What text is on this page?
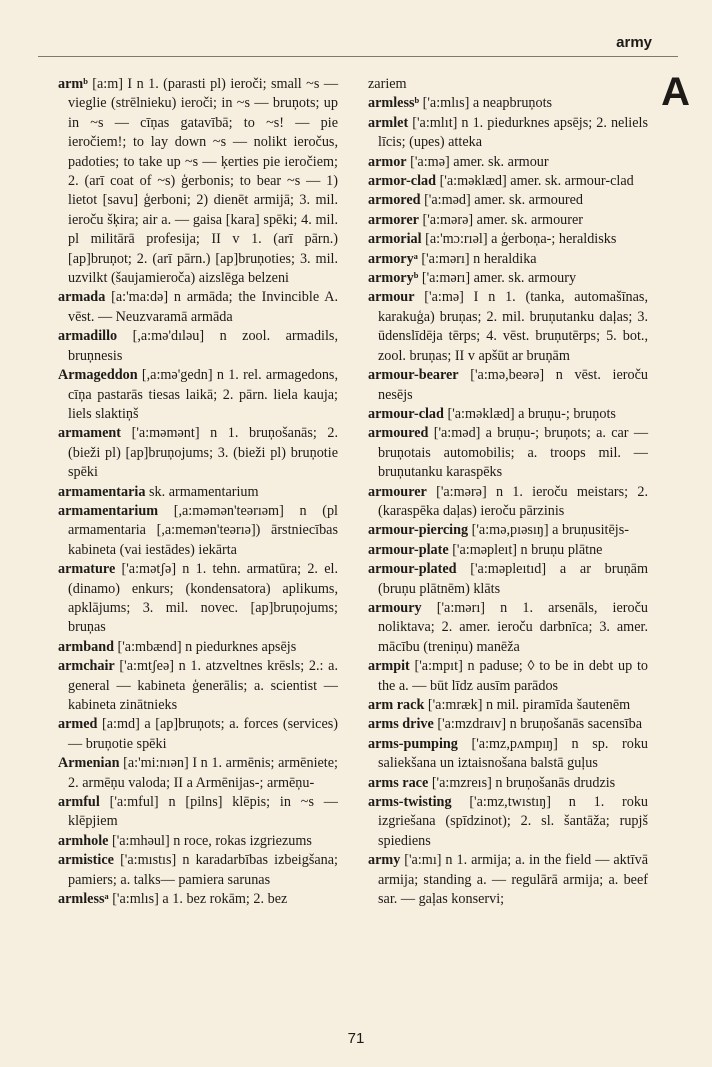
army
A

armᵇ [a:m] I n 1. (parasti pl) ieroči; small ~s — vieglie (strēlnieku) ieroči; in ~s — bruņots; up in ~s — cīņas gatavībā; to ~s! — pie ieročiem!; to lay down ~s — nolikt ieročus, padoties; to take up ~s — ķerties pie ieročiem; 2. (arī coat of ~s) ģerbonis; to bear ~s — 1) lietot [savu] ģerboni; 2) dienēt armijā; 3. mil. ieroču šķira; air a. — gaisa [kara] spēki; 4. mil. pl militārā profesija; II v 1. (arī pārn.) [ap]bruņot; 2. (arī pārn.) [ap]bruņoties; 3. mil. uzvilkt (šaujamieroča) aizslēga belzeni

armada [a:'ma:də] n armāda; the Invincible A. vēst. — Neuzvaramā armāda

armadillo [,a:mə'dıləu] n zool. armadils, bruņnesis

Armageddon [,a:mə'gedn] n 1. rel. armagedons, cīņa pastarās tiesas laikā; 2. pārn. liela kauja; liels slaktiņš

armament ['a:məmənt] n 1. bruņošanās; 2. (bieži pl) [ap]bruņojums; 3. (bieži pl) bruņotie spēki

armamentaria sk. armamentarium

armamentarium [,a:məmən'teərıəm] n (pl armamentaria [,a:memən'teərıə]) ārstniecības kabineta (vai iestādes) iekārta

armature ['a:mətʃə] n 1. tehn. armatūra; 2. el. (dinamo) enkurs; (kondensatora) aplikums, apklājums; 3. mil. novec. [ap]bruņojums; bruņas

armband ['a:mbænd] n piedurknes apsējs

armchair ['a:mtʃeə] n 1. atzveltnes krēsls; 2.: a. general — kabineta ģenerālis; a. scientist — kabineta zinātnieks

armed [a:md] a [ap]bruņots; a. forces (services) — bruņotie spēki

Armenian [a:'mi:nıən] I n 1. armēnis; armēniete; 2. armēņu valoda; II a Armēnijas-; armēņu-

armful ['a:mful] n [pilns] klēpis; in ~s — klēpjiem

armhole ['a:mhəul] n roce, rokas izgriezums

armistice ['a:mıstıs] n karadarbības izbeigšana; pamiers; a. talks— pamiera sarunas

armlessᵃ ['a:mlıs] a 1. bez rokām; 2. bez

zariem

armlessᵇ ['a:mlıs] a neapbruņots

armlet ['a:mlıt] n 1. piedurknes apsējs; 2. neliels līcis; (upes) atteka

armor ['a:mə] amer. sk. armour

armor-clad ['a:məklæd] amer. sk. armour-clad

armored ['a:məd] amer. sk. armoured

armorer ['a:mərə] amer. sk. armourer

armorial [a:'mɔ:rıəl] a ģerboņa-; heraldisks

armoryᵃ ['a:mərı] n heraldika

armoryᵇ ['a:mərı] amer. sk. armoury

armour ['a:mə] I n 1. (tanka, automašīnas, karakuģa) bruņas; 2. mil. bruņutanku daļas; 3. ūdenslīdēja tērps; 4. vēst. bruņutērps; 5. bot., zool. bruņas; II v apšūt ar bruņām

armour-bearer ['a:mə,beərə] n vēst. ieroču nesējs

armour-clad ['a:məklæd] a bruņu-; bruņots

armoured ['a:məd] a bruņu-; bruņots; a. car — bruņotais automobilis; a. troops mil. — bruņutanku karaspēks

armourer ['a:mərə] n 1. ieroču meistars; 2. (karaspēka daļas) ieroču pārzinis

armour-piercing ['a:mə,pıəsıŋ] a bruņusitējs-

armour-plate ['a:məpleıt] n bruņu plātne

armour-plated ['a:məpleıtıd] a ar bruņām (bruņu plātnēm) klāts

armoury ['a:mərı] n 1. arsenāls, ieroču noliktava; 2. amer. ieroču darbnīca; 3. amer. mācību (treniņu) manēža

armpit ['a:mpıt] n paduse; ◊ to be in debt up to the a. — būt līdz ausīm parādos

arm rack ['a:mræk] n mil. piramīda šautenēm

arms drive ['a:mzdraıv] n bruņošanās sacensība

arms-pumping ['a:mz,pʌmpıŋ] n sp. roku saliekšana un iztaisnošana balstā guļus

arms race ['a:mzreıs] n bruņošanās drudzis

arms-twisting ['a:mz,twıstıŋ] n 1. roku izgriešana (spīdzinot); 2. sl. šantāža; rupjš spiediens

army ['a:mı] n 1. armija; a. in the field — aktīvā armija; standing a. — regulārā armija; a. beef sar. — gaļas konservi;

71
